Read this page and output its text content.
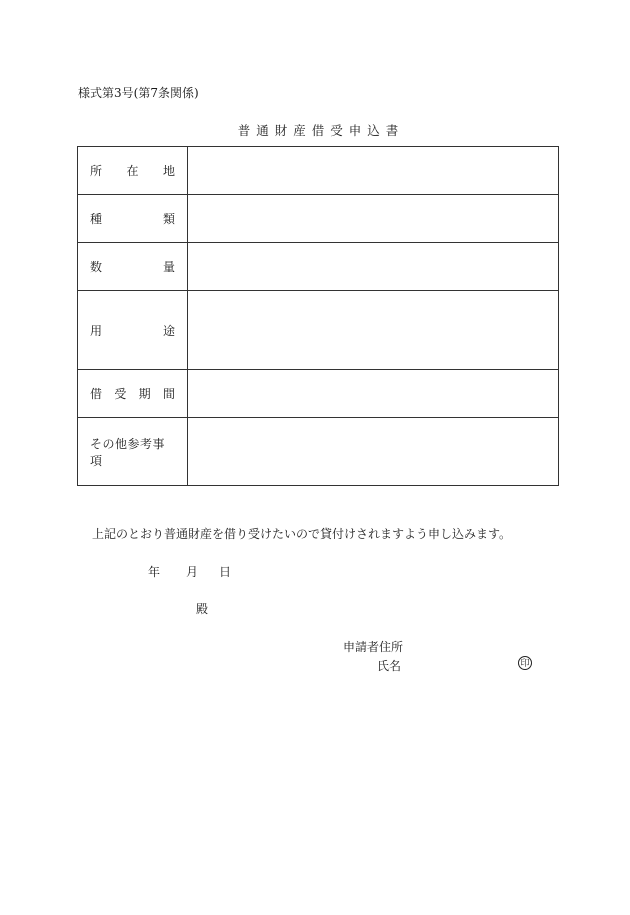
様式第3号(第7条関係)
普通財産借受申込書
所 在 地	

種 類	

数 量	

用 途	

借 受 期 間	

その他参考事項	

上記のとおり普通財産を借り受けたいので貸付けされますよう申し込みます。
年 月 日
殿
申請者住所
氏名	印
